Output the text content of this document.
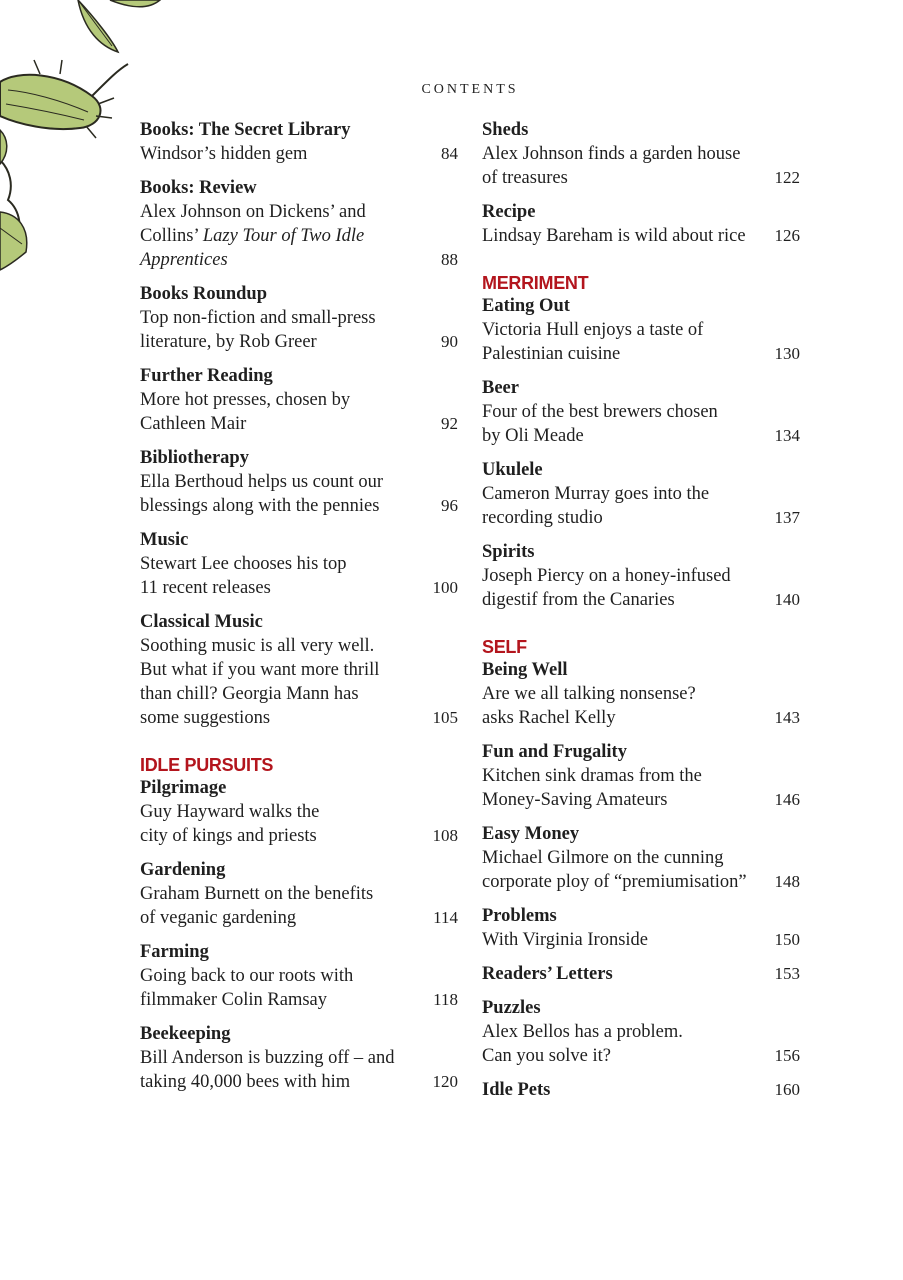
CONTENTS
Books: The Secret Library
Windsor’s hidden gem	84
Books: Review
Alex Johnson on Dickens’ and
Collins’ Lazy Tour of Two Idle
Apprentices	88
Books Roundup
Top non-fiction and small-press
literature, by Rob Greer	90
Further Reading
More hot presses, chosen by
Cathleen Mair	92
Bibliotherapy
Ella Berthoud helps us count our
blessings along with the pennies	96
Music
Stewart Lee chooses his top
11 recent releases	100
Classical Music
Soothing music is all very well.
But what if you want more thrill
than chill? Georgia Mann has
some suggestions	105
IDLE PURSUITS
Pilgrimage
Guy Hayward walks the
city of kings and priests	108
Gardening
Graham Burnett on the benefits
of veganic gardening	114
Farming
Going back to our roots with
filmmaker Colin Ramsay	118
Beekeeping
Bill Anderson is buzzing off – and
taking 40,000 bees with him	120
Sheds
Alex Johnson finds a garden house
of treasures	122
Recipe
Lindsay Bareham is wild about rice	126
MERRIMENT
Eating Out
Victoria Hull enjoys a taste of
Palestinian cuisine	130
Beer
Four of the best brewers chosen
by Oli Meade	134
Ukulele
Cameron Murray goes into the
recording studio	137
Spirits
Joseph Piercy on a honey-infused
digestif from the Canaries	140
SELF
Being Well
Are we all talking nonsense?
asks Rachel Kelly	143
Fun and Frugality
Kitchen sink dramas from the
Money-Saving Amateurs	146
Easy Money
Michael Gilmore on the cunning
corporate ploy of “premiumisation”	148
Problems
With Virginia Ironside	150
Readers’ Letters	153
Puzzles
Alex Bellos has a problem.
Can you solve it?	156
Idle Pets	160
